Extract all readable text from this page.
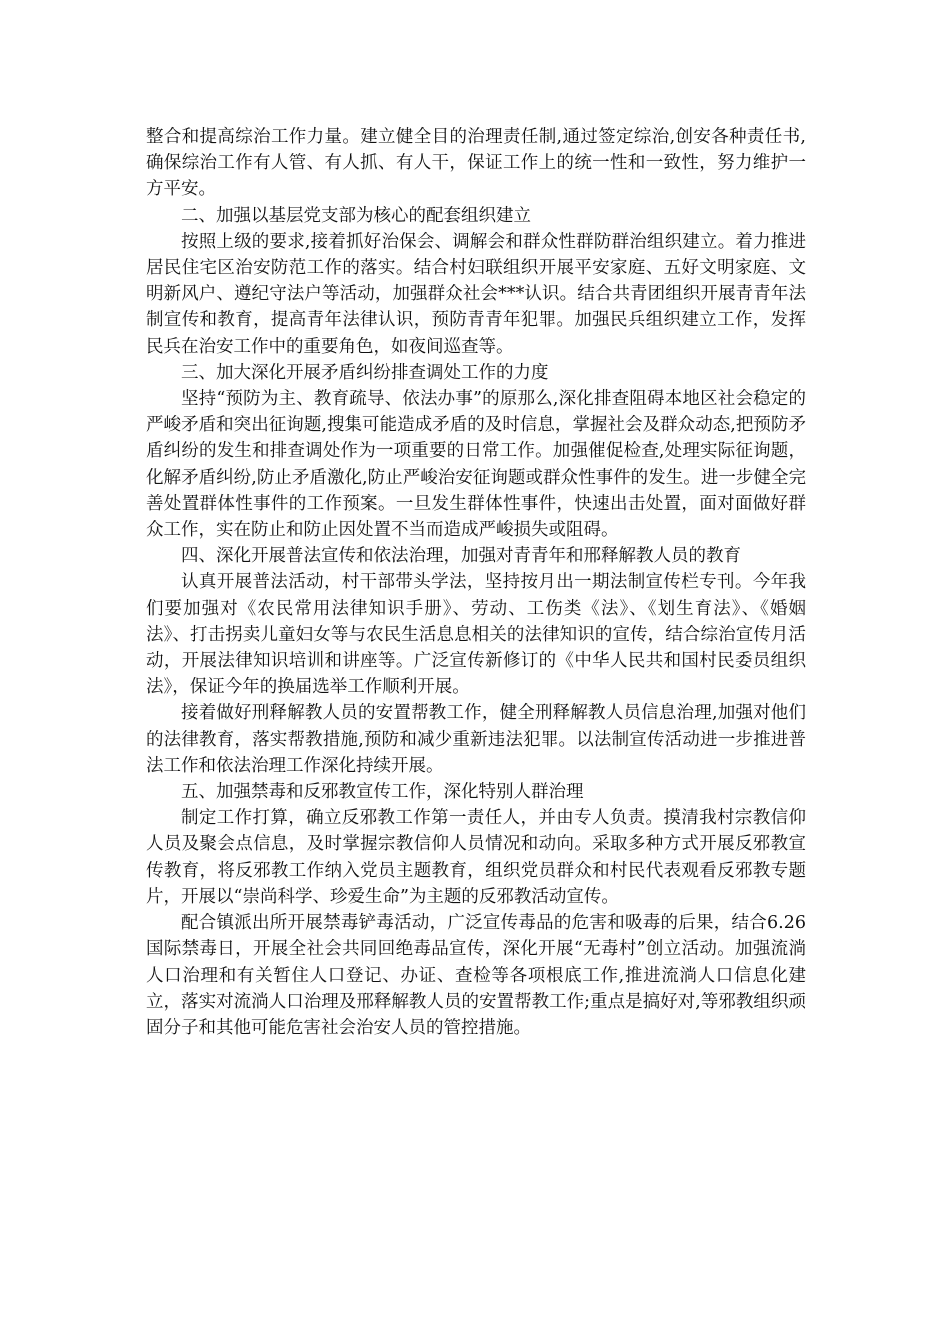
整合和提高综治工作力量。建立健全目的治理责任制,通过签定综治,创安各种责任书,确保综治工作有人管、有人抓、有人干，保证工作上的统一性和一致性，努力维护一方平安。

二、加强以基层党支部为核心的配套组织建立

按照上级的要求,接着抓好治保会、调解会和群众性群防群治组织建立。着力推进居民住宅区治安防范工作的落实。结合村妇联组织开展平安家庭、五好文明家庭、文明新风户、遵纪守法户等活动，加强群众社会***认识。结合共青团组织开展青青年法制宣传和教育，提高青年法律认识，预防青青年犯罪。加强民兵组织建立工作，发挥民兵在治安工作中的重要角色，如夜间巡查等。

三、加大深化开展矛盾纠纷排查调处工作的力度

坚持“预防为主、教育疏导、依法办事”的原那么,深化排查阻碍本地区社会稳定的严峻矛盾和突出征询题,搜集可能造成矛盾的及时信息，掌握社会及群众动态,把预防矛盾纠纷的发生和排查调处作为一项重要的日常工作。加强催促检查,处理实际征询题，化解矛盾纠纷,防止矛盾激化,防止严峻治安征询题或群众性事件的发生。进一步健全完善处置群体性事件的工作预案。一旦发生群体性事件，快速出击处置，面对面做好群众工作，实在防止和防止因处置不当而造成严峻损失或阻碍。

四、深化开展普法宣传和依法治理，加强对青青年和邢释解教人员的教育

认真开展普法活动，村干部带头学法，坚持按月出一期法制宣传栏专刊。今年我们要加强对《农民常用法律知识手册》、劳动、工伤类《法》、《划生育法》、《婚姻法》、打击拐卖儿童妇女等与农民生活息息相关的法律知识的宣传，结合综治宣传月活动，开展法律知识培训和讲座等。广泛宣传新修订的《中华人民共和国村民委员组织法》，保证今年的换届选举工作顺利开展。

接着做好刑释解教人员的安置帮教工作，健全刑释解教人员信息治理,加强对他们的法律教育，落实帮教措施,预防和减少重新违法犯罪。以法制宣传活动进一步推进普法工作和依法治理工作深化持续开展。

五、加强禁毒和反邪教宣传工作，深化特别人群治理

制定工作打算，确立反邪教工作第一责任人，并由专人负责。摸清我村宗教信仰人员及聚会点信息，及时掌握宗教信仰人员情况和动向。采取多种方式开展反邪教宣传教育，将反邪教工作纳入党员主题教育，组织党员群众和村民代表观看反邪教专题片，开展以“崇尚科学、珍爱生命”为主题的反邪教活动宣传。

配合镇派出所开展禁毒铲毒活动，广泛宣传毒品的危害和吸毒的后果，结合6.26国际禁毒日，开展全社会共同回绝毒品宣传，深化开展“无毒村”创立活动。加强流淌人口治理和有关暂住人口登记、办证、查检等各项根底工作,推进流淌人口信息化建立，落实对流淌人口治理及邢释解教人员的安置帮教工作;重点是搞好对,等邪教组织顽固分子和其他可能危害社会治安人员的管控措施。
